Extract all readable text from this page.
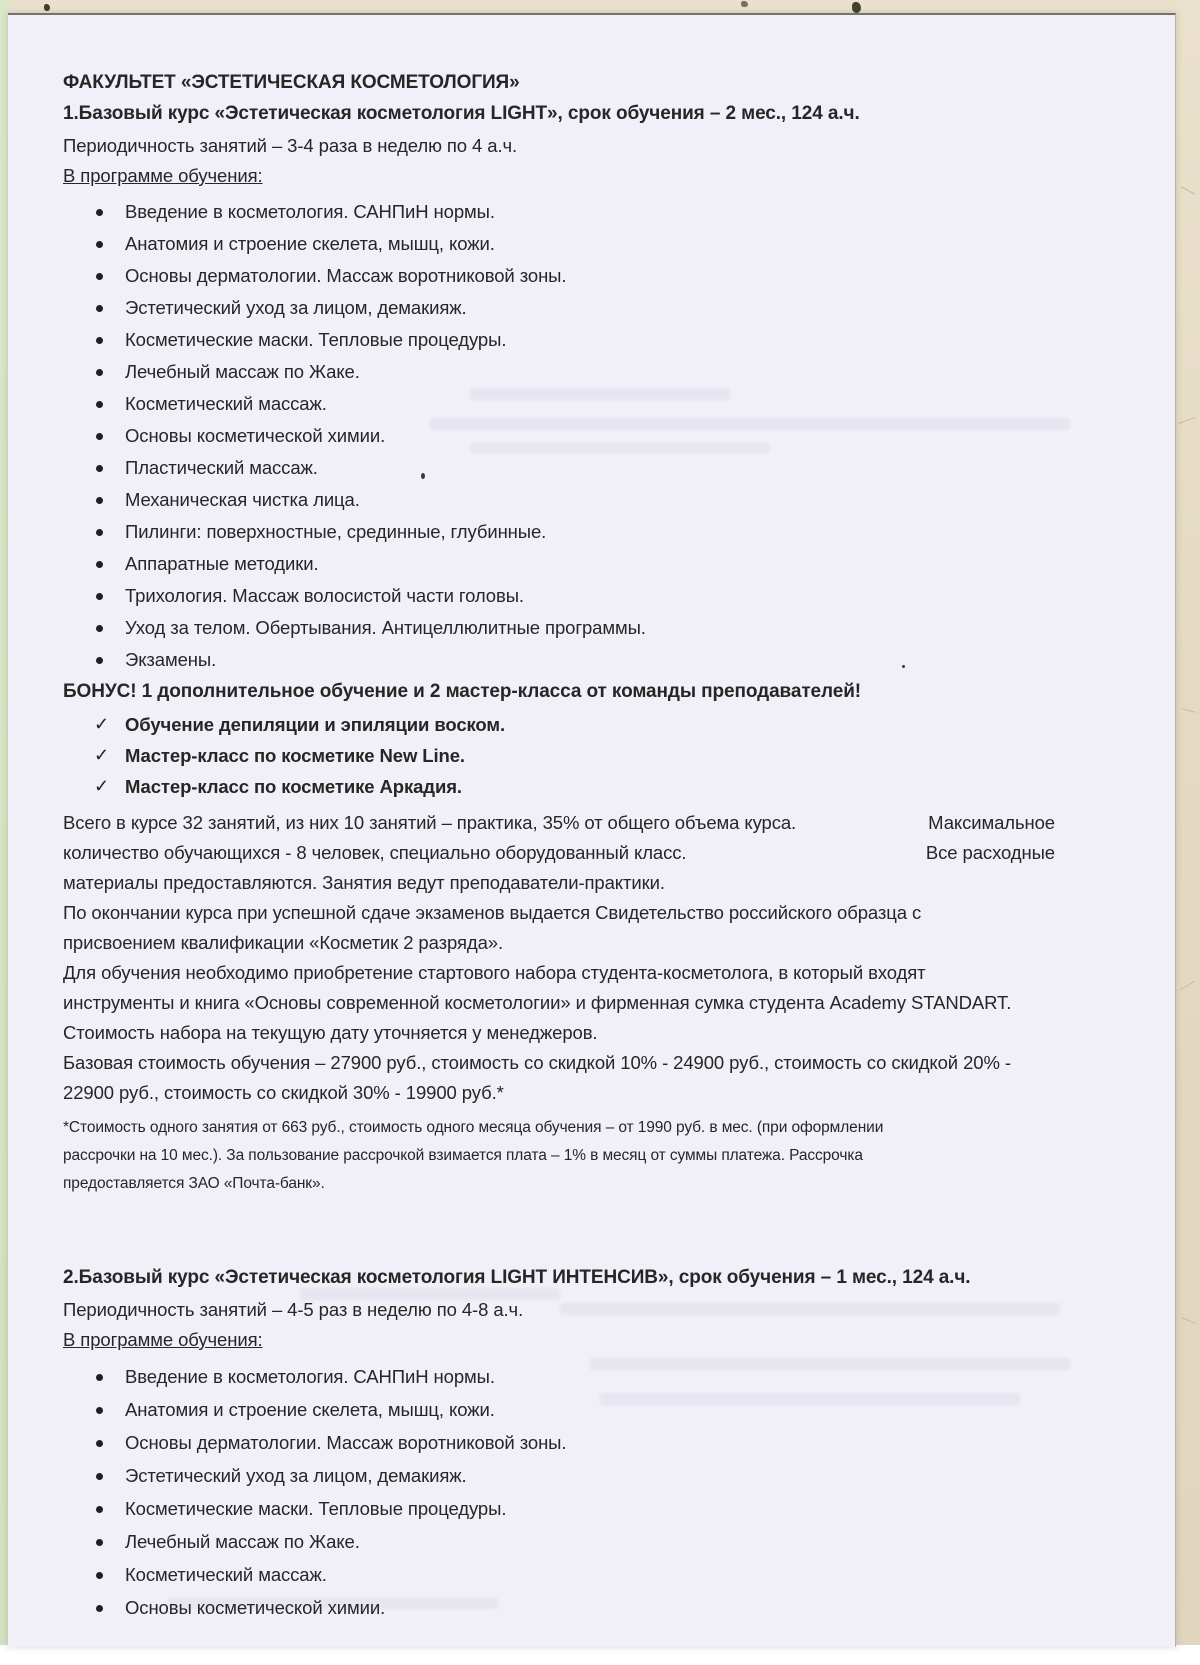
ФАКУЛЬТЕТ «ЭСТЕТИЧЕСКАЯ КОСМЕТОЛОГИЯ»
1.Базовый курс «Эстетическая косметология LIGHT», срок обучения – 2 мес., 124 а.ч.

Периодичность занятий – 3-4 раза в неделю по 4 а.ч.

В программе обучения:

Введение в косметология. САНПиН нормы.
Анатомия и строение скелета, мышц, кожи.
Основы дерматологии. Массаж воротниковой зоны.
Эстетический уход за лицом, демакияж.
Косметические маски. Тепловые процедуры.
Лечебный массаж по Жаке.
Косметический массаж.
Основы косметической химии.
Пластический массаж.
Механическая чистка лица.
Пилинги: поверхностные, срединные, глубинные.
Аппаратные методики.
Трихология. Массаж волосистой части головы.
Уход за телом. Обертывания. Антицеллюлитные программы.
Экзамены.
БОНУС! 1 дополнительное обучение и 2 мастер-класса от команды преподавателей!
✓ Обучение депиляции и эпиляции воском.
✓ Мастер-класс по косметике New Line.
✓ Мастер-класс по косметике Аркадия.
Всего в курсе 32 занятий, из них 10 занятий – практика, 35% от общего объема курса.	Максимальное
количество обучающихся - 8 человек, специально оборудованный класс.	Все расходные
материалы предоставляются. Занятия ведут преподаватели-практики.
По окончании курса при успешной сдаче экзаменов выдается Свидетельство российского образца с
присвоением квалификации «Косметик 2 разряда».
Для обучения необходимо приобретение стартового набора студента-косметолога, в который входят
инструменты и книга «Основы современной косметологии» и фирменная сумка студента Academy STANDART.
Стоимость набора на текущую дату уточняется у менеджеров.
Базовая стоимость обучения – 27900 руб., стоимость со скидкой 10% - 24900 руб., стоимость со скидкой 20% -
22900 руб., стоимость со скидкой 30% - 19900 руб.*

*Стоимость одного занятия от 663 руб., стоимость одного месяца обучения – от 1990 руб. в мес. (при оформлении

рассрочки на 10 мес.). За пользование рассрочкой взимается плата – 1% в месяц от суммы платежа. Рассрочка

предоставляется ЗАО «Почта-банк».

2.Базовый курс «Эстетическая косметология LIGHT ИНТЕНСИВ», срок обучения – 1 мес., 124 а.ч.

Периодичность занятий – 4-5 раз в неделю по 4-8 а.ч.

В программе обучения:

Введение в косметология. САНПиН нормы.
Анатомия и строение скелета, мышц, кожи.
Основы дерматологии. Массаж воротниковой зоны.
Эстетический уход за лицом, демакияж.
Косметические маски. Тепловые процедуры.
Лечебный массаж по Жаке.
Косметический массаж.
Основы косметической химии.
